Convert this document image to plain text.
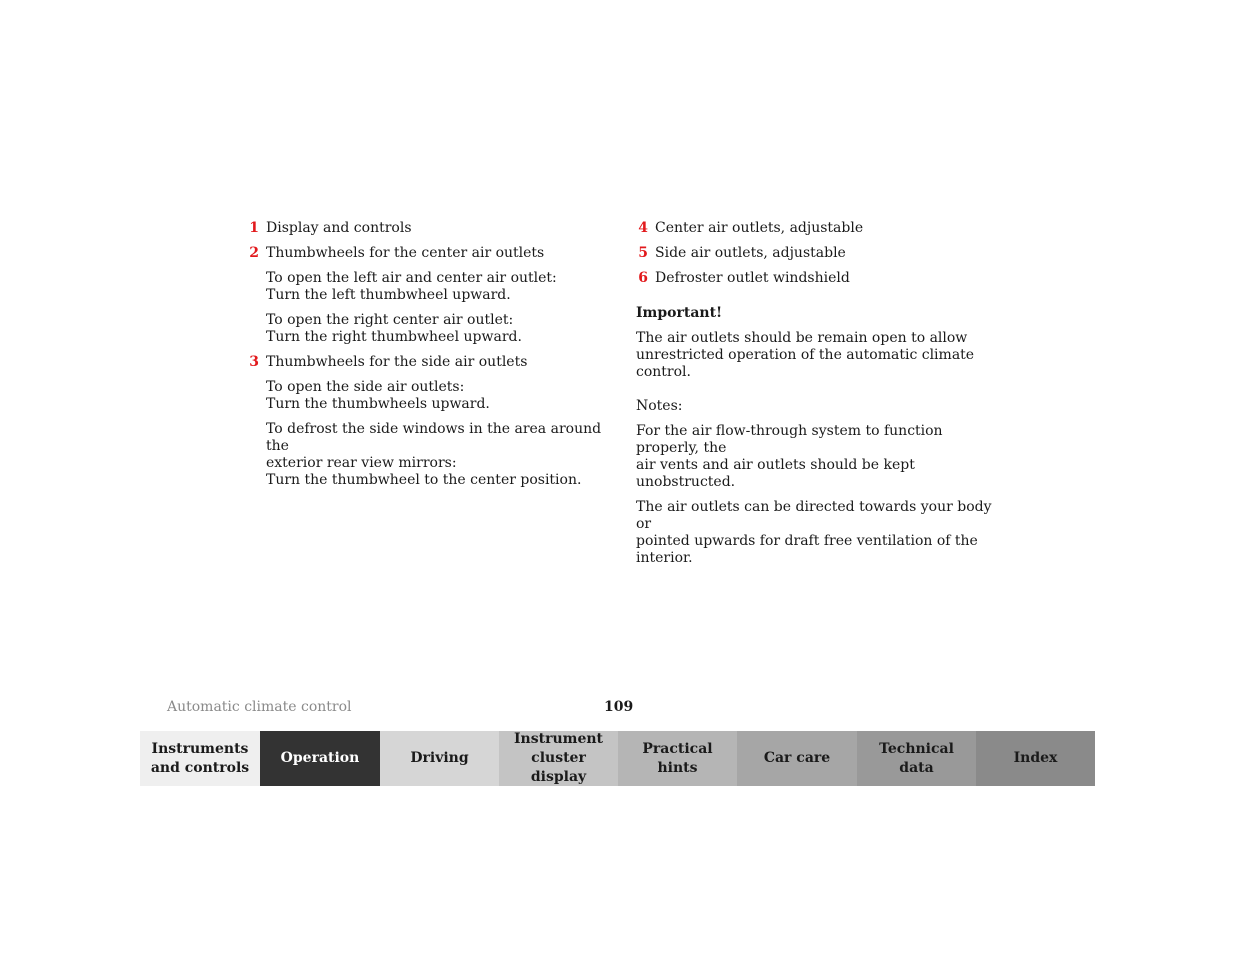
1 Display and controls
2 Thumbwheels for the center air outlets

To open the left air and center air outlet:

Turn the left thumbwheel upward.

To open the right center air outlet:

Turn the right thumbwheel upward.

3 Thumbwheels for the side air outlets

To open the side air outlets:

Turn the thumbwheels upward.

To defrost the side windows in the area around the

exterior rear view mirrors:

Turn the thumbwheel to the center position.

4 Center air outlets, adjustable
5 Side air outlets, adjustable
6 Defroster outlet windshield
Important!

The air outlets should be remain open to allow

unrestricted operation of the automatic climate control.

Notes:

For the air flow-through system to function properly, the

air vents and air outlets should be kept unobstructed.

The air outlets can be directed towards your body or

pointed upwards for draft free ventilation of the interior.

Automatic climate control	109
Instruments
and controls
Operation	Driving
Instrument
cluster display
Practical hints
Car care
Technical
data
Index
